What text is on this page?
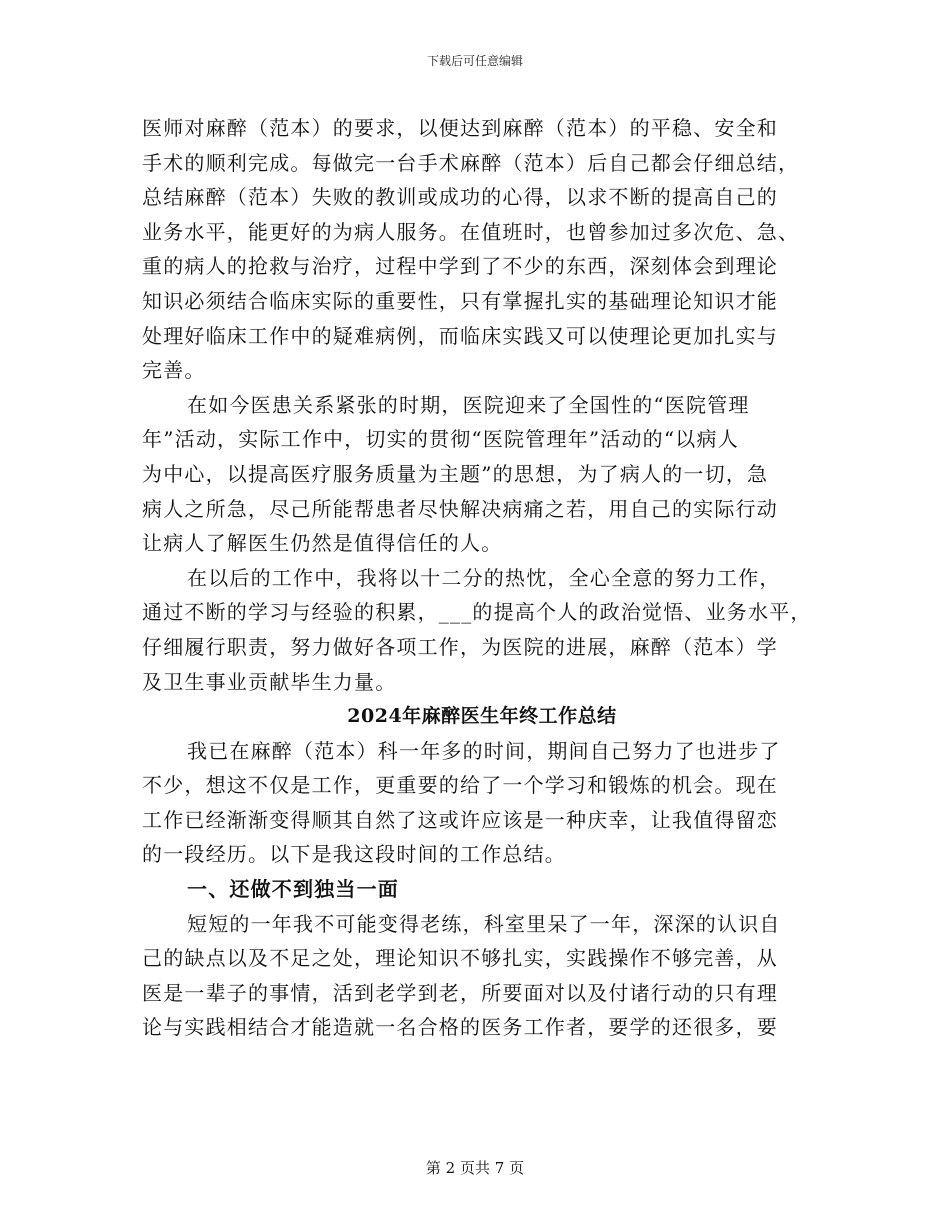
下载后可任意编辑
医师对麻醉（范本）的要求，以便达到麻醉（范本）的平稳、安全和
手术的顺利完成。每做完一台手术麻醉（范本）后自己都会仔细总结，
总结麻醉（范本）失败的教训或成功的心得，以求不断的提高自己的
业务水平，能更好的为病人服务。在值班时，也曾参加过多次危、急、
重的病人的抢救与治疗，过程中学到了不少的东西，深刻体会到理论
知识必须结合临床实际的重要性，只有掌握扎实的基础理论知识才能
处理好临床工作中的疑难病例，而临床实践又可以使理论更加扎实与
完善。
在如今医患关系紧张的时期，医院迎来了全国性的“医院管理
年”活动，实际工作中，切实的贯彻“医院管理年”活动的“以病人
为中心，以提高医疗服务质量为主题”的思想，为了病人的一切，急
病人之所急，尽己所能帮患者尽快解决病痛之若，用自己的实际行动
让病人了解医生仍然是值得信任的人。
在以后的工作中，我将以十二分的热忱，全心全意的努力工作，
通过不断的学习与经验的积累，___的提高个人的政治觉悟、业务水平，
仔细履行职责，努力做好各项工作，为医院的进展，麻醉（范本）学
及卫生事业贡献毕生力量。
2024年麻醉医生年终工作总结
我已在麻醉（范本）科一年多的时间，期间自己努力了也进步了
不少，想这不仅是工作，更重要的给了一个学习和锻炼的机会。现在
工作已经渐渐变得顺其自然了这或许应该是一种庆幸，让我值得留恋
的一段经历。以下是我这段时间的工作总结。
一、还做不到独当一面
短短的一年我不可能变得老练，科室里呆了一年，深深的认识自
己的缺点以及不足之处，理论知识不够扎实，实践操作不够完善，从
医是一辈子的事情，活到老学到老，所要面对以及付诸行动的只有理
论与实践相结合才能造就一名合格的医务工作者，要学的还很多，要
第 2 页共 7 页
